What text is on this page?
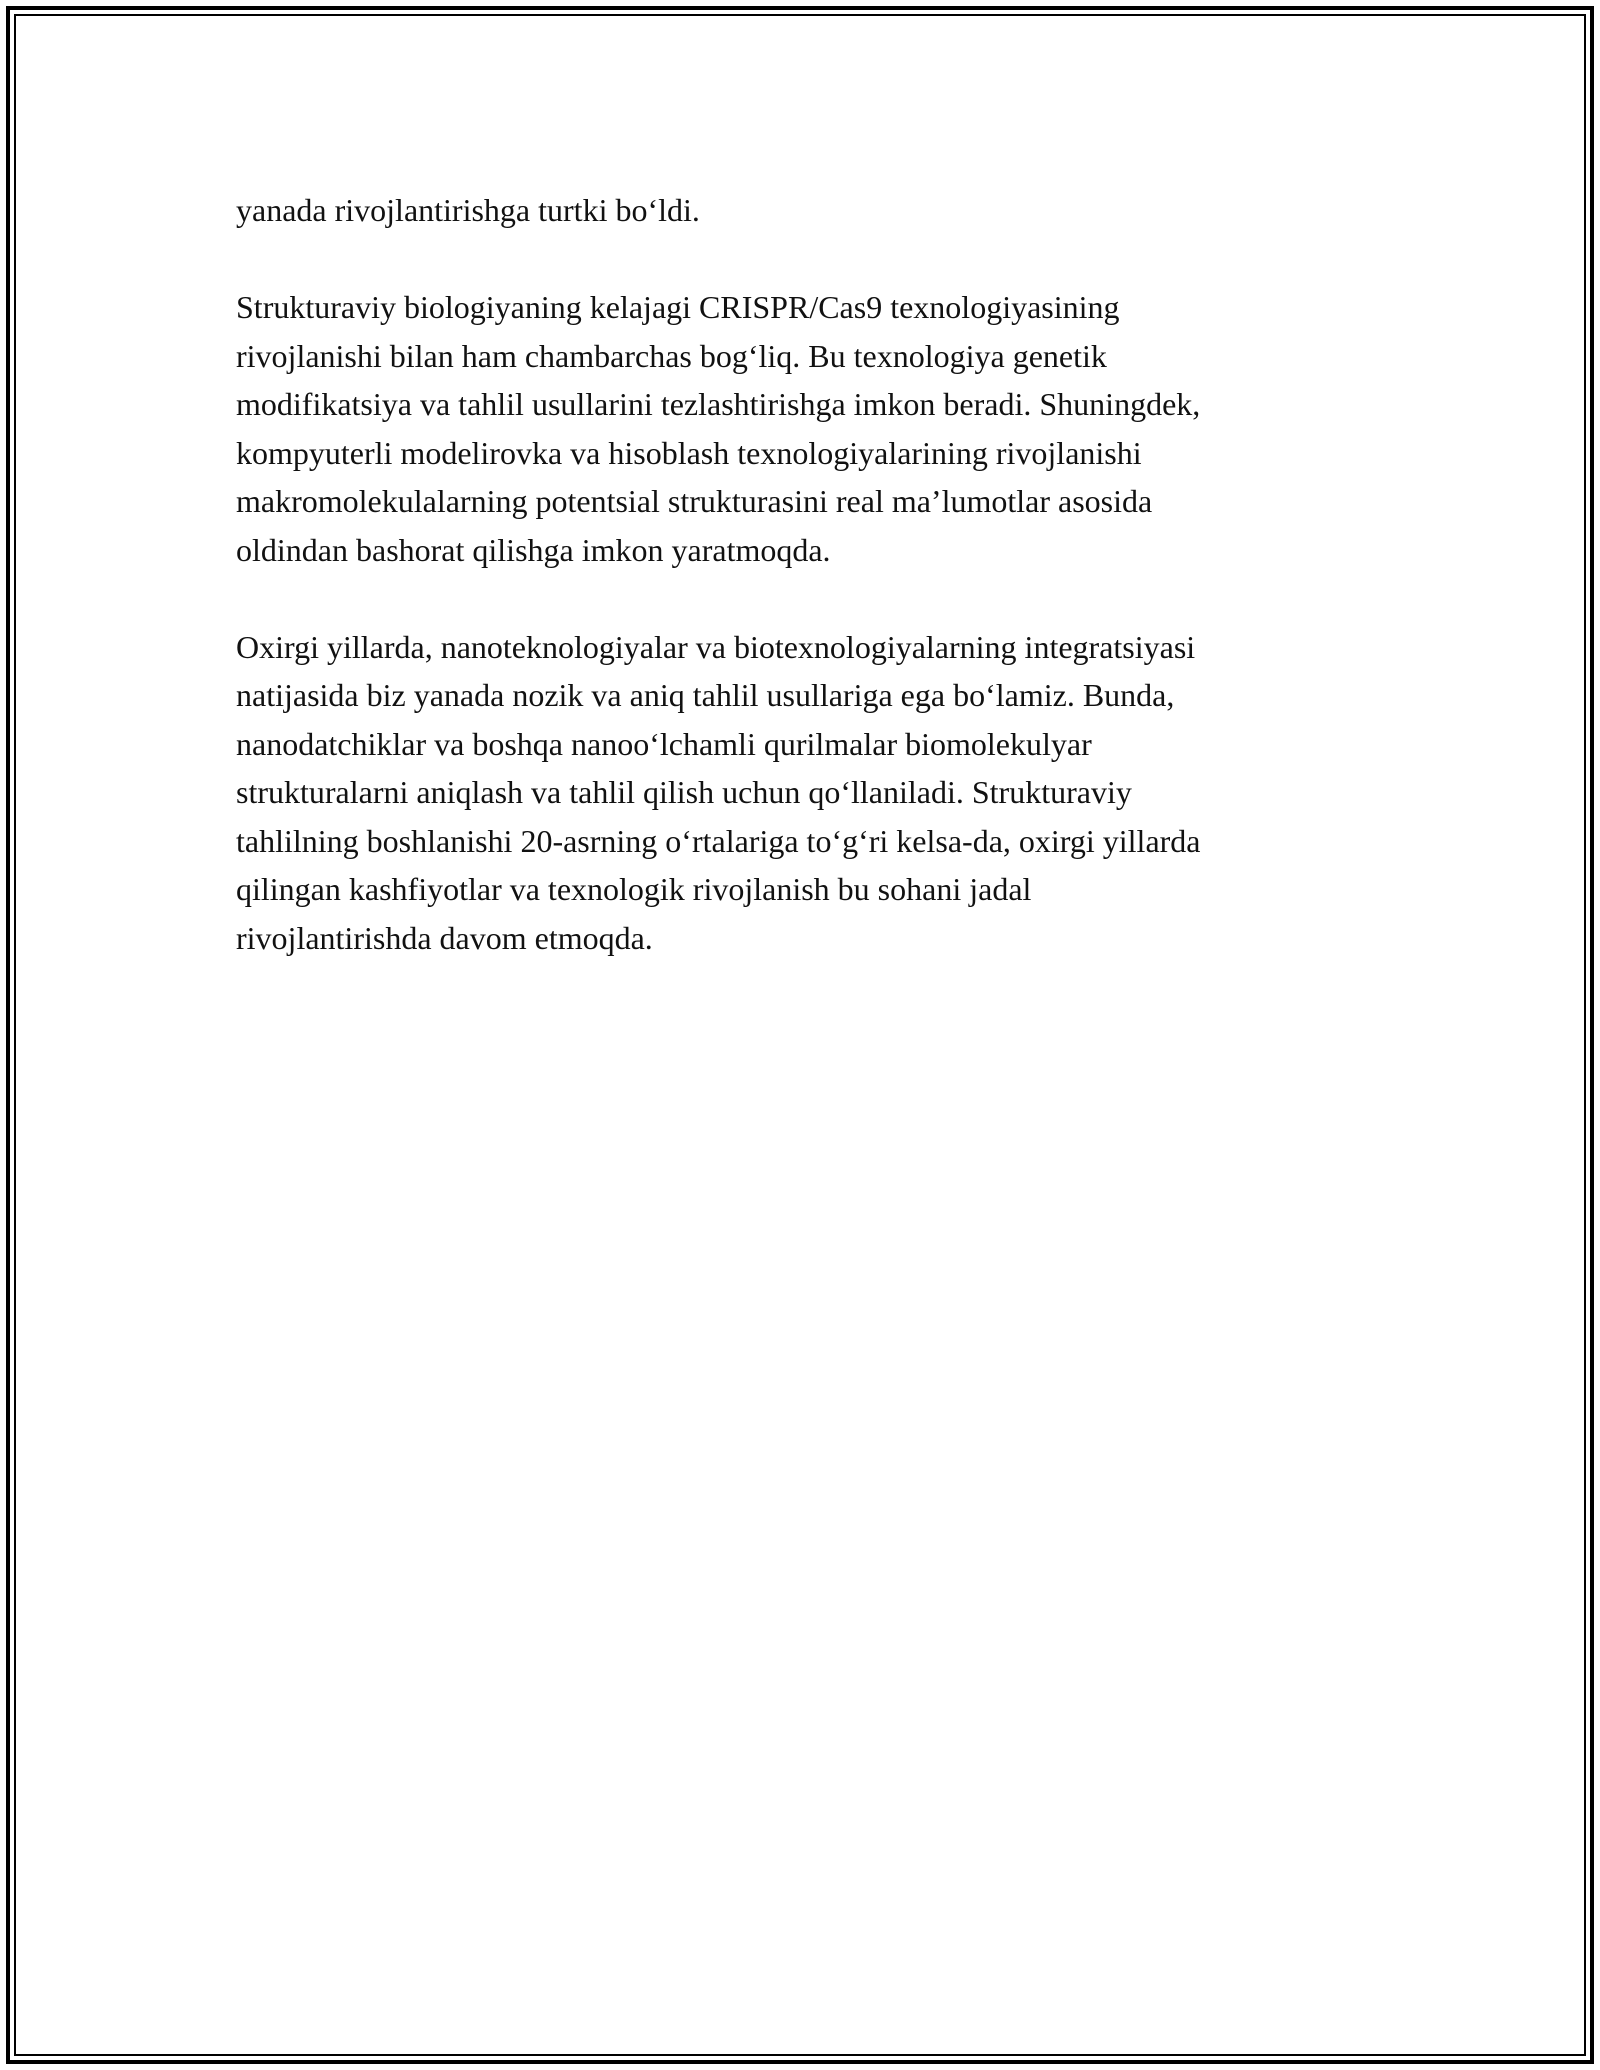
yanada rivojlantirishga turtki bo‘ldi.

Strukturaviy biologiyaning kelajagi CRISPR/Cas9 texnologiyasining
rivojlanishi bilan ham chambarchas bog‘liq. Bu texnologiya genetik
modifikatsiya va tahlil usullarini tezlashtirishga imkon beradi. Shuningdek,
kompyuterli modelirovka va hisoblash texnologiyalarining rivojlanishi
makromolekulalarning potentsial strukturasini real ma’lumotlar asosida
oldindan bashorat qilishga imkon yaratmoqda.

Oxirgi yillarda, nanoteknologiyalar va biotexnologiyalarning integratsiyasi
natijasida biz yanada nozik va aniq tahlil usullariga ega bo‘lamiz. Bunda,
nanodatchiklar va boshqa nanoo‘lchamli qurilmalar biomolekulyar
strukturalarni aniqlash va tahlil qilish uchun qo‘llaniladi. Strukturaviy
tahlilning boshlanishi 20-asrning o‘rtalariga to‘g‘ri kelsa-da, oxirgi yillarda
qilingan kashfiyotlar va texnologik rivojlanish bu sohani jadal
rivojlantirishda davom etmoqda.
